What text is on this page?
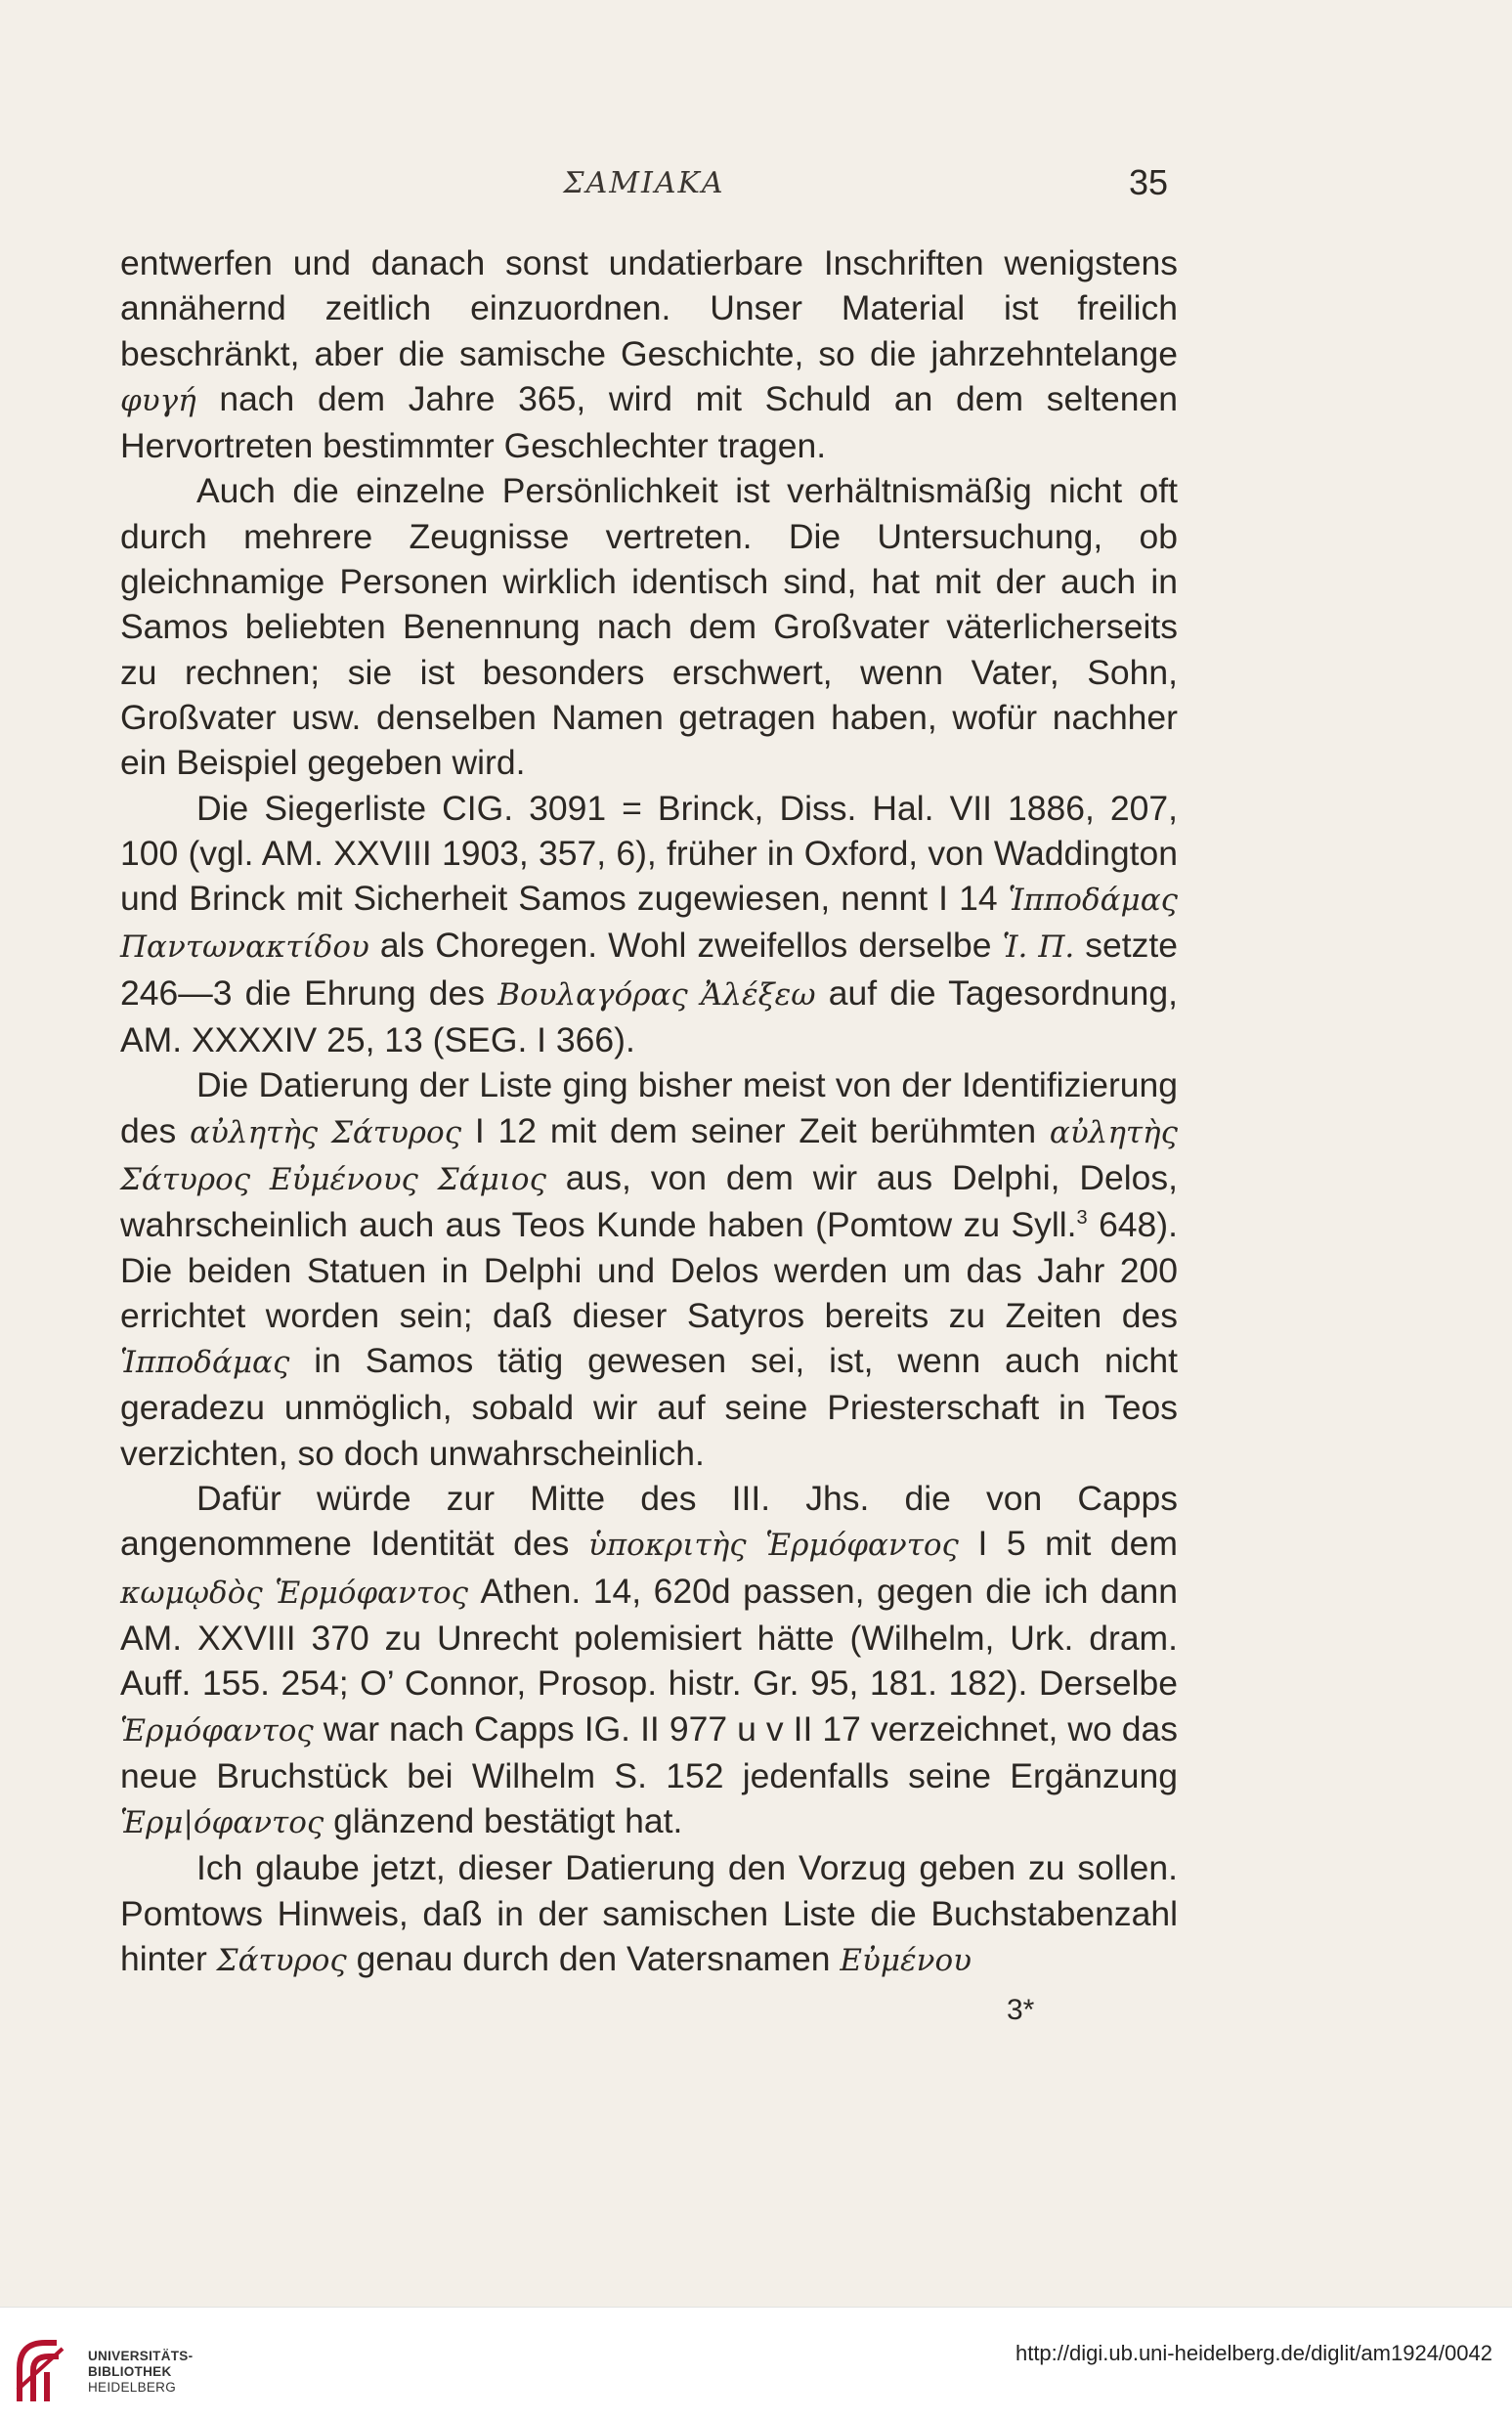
ΣΑΜΙΑΚΑ	35

entwerfen und danach sonst undatierbare Inschriften wenigstens annähernd zeitlich einzuordnen. Unser Material ist freilich beschränkt, aber die samische Geschichte, so die jahrzehntelange φυγή nach dem Jahre 365, wird mit Schuld an dem seltenen Hervortreten bestimmter Geschlechter tragen.

Auch die einzelne Persönlichkeit ist verhältnismäßig nicht oft durch mehrere Zeugnisse vertreten. Die Untersuchung, ob gleichnamige Personen wirklich identisch sind, hat mit der auch in Samos beliebten Benennung nach dem Großvater väterlicherseits zu rechnen; sie ist besonders erschwert, wenn Vater, Sohn, Großvater usw. denselben Namen getragen haben, wofür nachher ein Beispiel gegeben wird.

Die Siegerliste CIG. 3091 = Brinck, Diss. Hal. VII 1886, 207, 100 (vgl. AM. XXVIII 1903, 357, 6), früher in Oxford, von Waddington und Brinck mit Sicherheit Samos zugewiesen, nennt I 14 Ἱπποδάμας Παντωνακτίδου als Choregen. Wohl zweifellos derselbe Ἱ. Π. setzte 246—3 die Ehrung des Βουλαγόρας Ἀλέξεω auf die Tagesordnung, AM. XXXXIV 25, 13 (SEG. I 366).

Die Datierung der Liste ging bisher meist von der Identifizierung des αὐλητὴς Σάτυρος I 12 mit dem seiner Zeit berühmten αὐλητὴς Σάτυρος Εὐμένους Σάμιος aus, von dem wir aus Delphi, Delos, wahrscheinlich auch aus Teos Kunde haben (Pomtow zu Syll.$^3$ 648). Die beiden Statuen in Delphi und Delos werden um das Jahr 200 errichtet worden sein; daß dieser Satyros bereits zu Zeiten des Ἱπποδάμας in Samos tätig gewesen sei, ist, wenn auch nicht geradezu unmöglich, sobald wir auf seine Priesterschaft in Teos verzichten, so doch unwahrscheinlich.

Dafür würde zur Mitte des III. Jhs. die von Capps angenommene Identität des ὑποκριτὴς Ἑρμόφαντος I 5 mit dem κωμῳδὸς Ἑρμόφαντος Athen. 14, 620d passen, gegen die ich dann AM. XXVIII 370 zu Unrecht polemisiert hätte (Wilhelm, Urk. dram. Auff. 155. 254; O’ Connor, Prosop. histr. Gr. 95, 181. 182). Derselbe Ἑρμόφαντος war nach Capps IG. II 977 u v II 17 verzeichnet, wo das neue Bruchstück bei Wilhelm S. 152 jedenfalls seine Ergänzung Ἑρμ|όφαντος glänzend bestätigt hat.

Ich glaube jetzt, dieser Datierung den Vorzug geben zu sollen. Pomtows Hinweis, daß in der samischen Liste die Buchstabenzahl hinter Σάτυρος genau durch den Vatersnamen Εὐμένου

3*
UNIVERSITÄTS-
BIBLIOTHEK
HEIDELBERG
http://digi.ub.uni-heidelberg.de/diglit/am1924/0042
